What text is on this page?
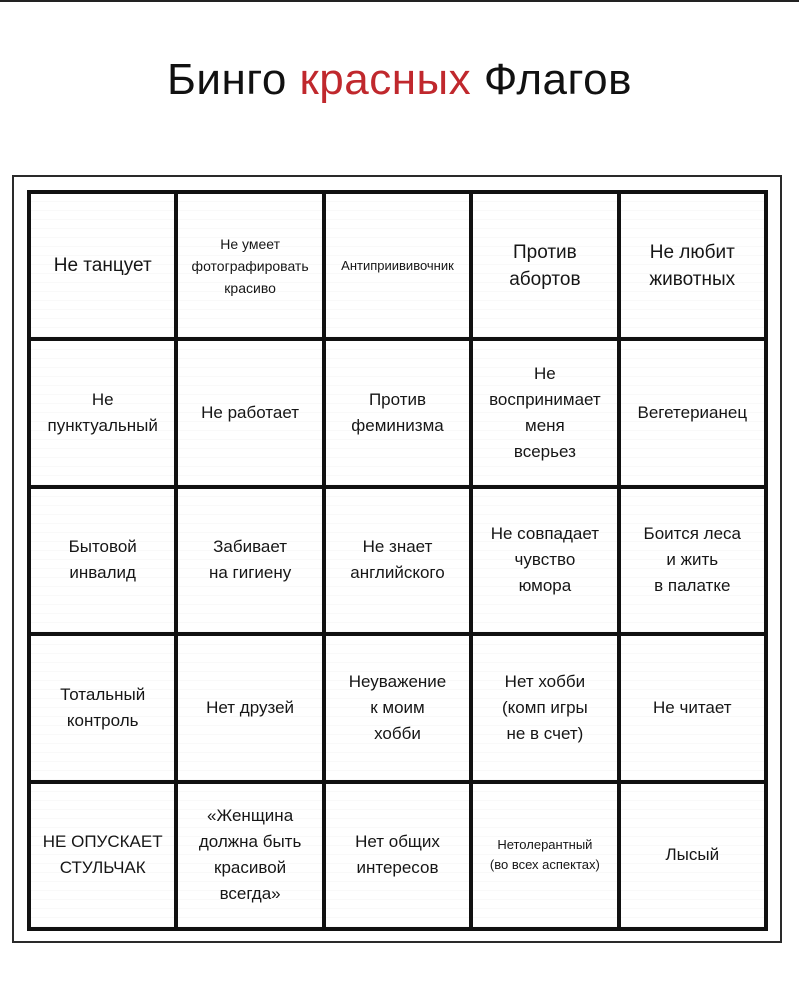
Бинго красных Флагов
Не танцует
Не умеет
фотографировать
красиво
Антиприививочник
Против
абортов
Не любит
животных
Не
пунктуальный
Не работает
Против
феминизма
Не
воспринимает
меня
всерьез
Вегетерианец
Бытовой
инвалид
Забивает
на гигиену
Не знает
английского
Не совпадает
чувство
юмора
Боится леса
и жить
в палатке
Тотальный
контроль
Нет друзей
Неуважение
к моим
хобби
Нет хобби
(комп игры
не в счет)
Не читает
НЕ ОПУСКАЕТ
СТУЛЬЧАК
«Женщина
должна быть
красивой
всегда»
Нет общих
интересов
Нетолерантный
(во всех аспектах)
Лысый
